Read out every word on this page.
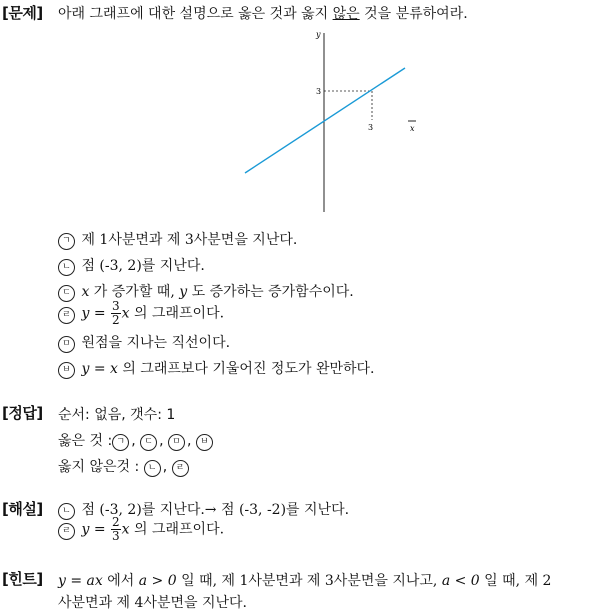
[문제] 아래 그래프에 대한 설명으로 옳은 것과 옳지 않은 것을 분류하여라.
y
x
3
3
ㄱ 제 1사분면과 제 3사분면을 지난다.
ㄴ 점 (-3, 2)를 지난다.
ㄷ x 가 증가할 때, y 도 증가하는 증가함수이다.
ㄹ $y = \frac{3}{2}$ x 의 그래프이다.
ㅁ 원점을 지나는 직선이다.
ㅂ y = x 의 그래프보다 기울어진 정도가 완만하다.
[정답] 순서: 없음, 갯수: 1
옳은 것 : ㄱ , ㄷ , ㅁ , ㅂ
옳지 않은것 : ㄴ , ㄹ
[해설]	ㄴ 점 (-3, 2)를 지난다.→ 점 (-3, -2)를 지난다.
ㄹ $y = \frac{2}{3}$ x 의 그래프이다.
[힌트] y = ax 에서 a > 0 일 때, 제 1사분면과 제 3사분면을 지나고, a < 0 일 때, 제 2
사분면과 제 4사분면을 지난다.
